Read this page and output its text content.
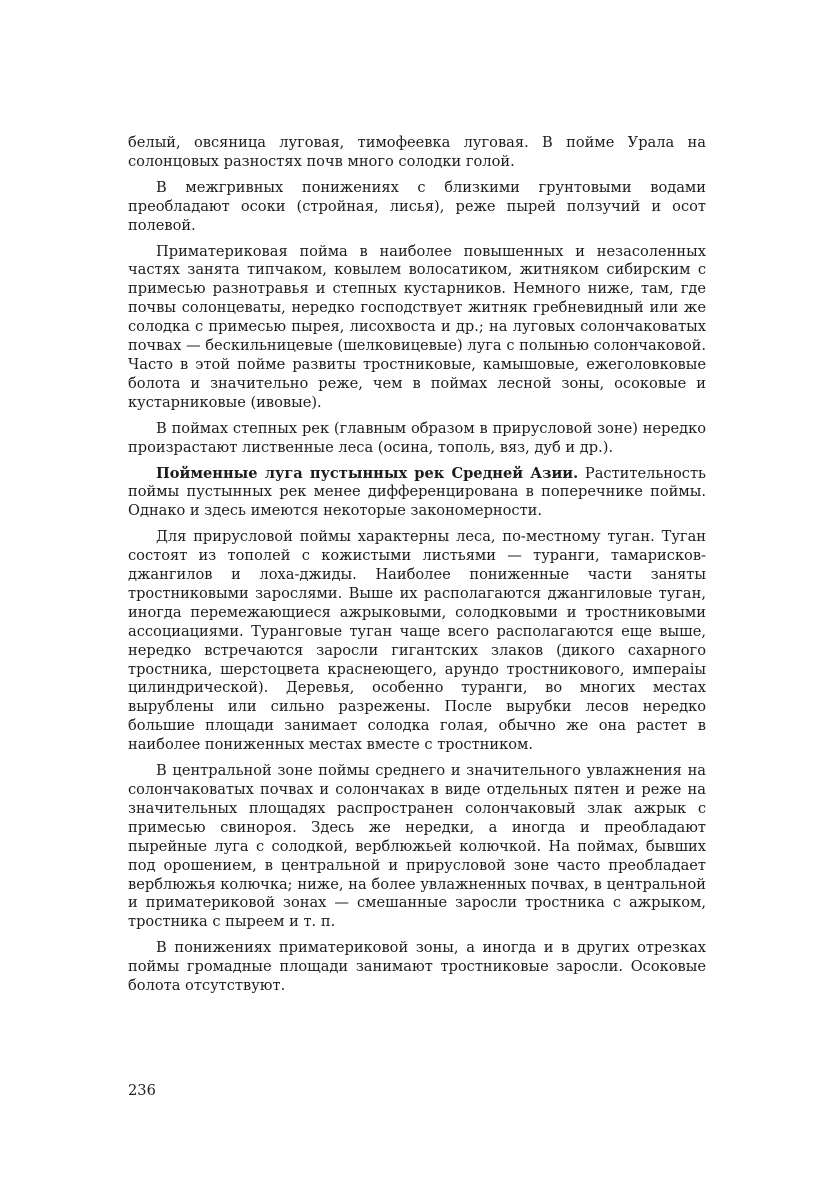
белый, овсяница луговая, тимофеевка луговая. В пойме Урала на солонцовых разностях почв много солодки голой.

В межгривных понижениях с близкими грунтовыми водами преобладают осоки (стройная, лисья), реже пырей ползучий и осот полевой.

Приматериковая пойма в наиболее повышенных и незасоленных частях занята типчаком, ковылем волосатиком, житняком сибирским с примесью разнотравья и степных кустарников. Немного ниже, там, где почвы солонцеваты, нередко господствует житняк гребневидный или же солодка с примесью пырея, лисохвоста и др.; на луговых солончаковатых почвах — бескильницевые (шелковицевые) луга с полынью солончаковой. Часто в этой пойме развиты тростниковые, камышовые, ежеголовковые болота и значительно реже, чем в поймах лесной зоны, осоковые и кустарниковые (ивовые).

В поймах степных рек (главным образом в прирусловой зоне) нередко произрастают лиственные леса (осина, тополь, вяз, дуб и др.).

Пойменные луга пустынных рек Средней Азии. Растительность поймы пустынных рек менее дифференцирована в поперечнике поймы. Однако и здесь имеются некоторые закономерности.

Для прирусловой поймы характерны леса, по-местному туган. Туган состоят из тополей с кожистыми листьями — туранги, тамарисков-джангилов и лоха-джиды. Наиболее пониженные части заняты тростниковыми зарослями. Выше их располагаются джангиловые туган, иногда перемежающиеся ажрыковыми, солодковыми и тростниковыми ассоциациями. Туранговые туган чаще всего располагаются еще выше, нередко встречаются заросли гигантских злаков (дикого сахарного тростника, шерстоцвета краснеющего, арундо тростникового, импераіы цилиндрической). Деревья, особенно туранги, во многих местах вырублены или сильно разрежены. После вырубки лесов нередко большие площади занимает солодка голая, обычно же она растет в наиболее пониженных местах вместе с тростником.

В центральной зоне поймы среднего и значительного увлажнения на солончаковатых почвах и солончаках в виде отдельных пятен и реже на значительных площадях распространен солончаковый злак ажрык с примесью свинороя. Здесь же нередки, а иногда и преобладают пырейные луга с солодкой, верблюжьей колючкой. На поймах, бывших под орошением, в центральной и прирусловой зоне часто преобладает верблюжья колючка; ниже, на более увлажненных почвах, в центральной и приматериковой зонах — смешанные заросли тростника с ажрыком, тростника с пыреем и т. п.

В понижениях приматериковой зоны, а иногда и в других отрезках поймы громадные площади занимают тростниковые заросли. Осоковые болота отсутствуют.

236
